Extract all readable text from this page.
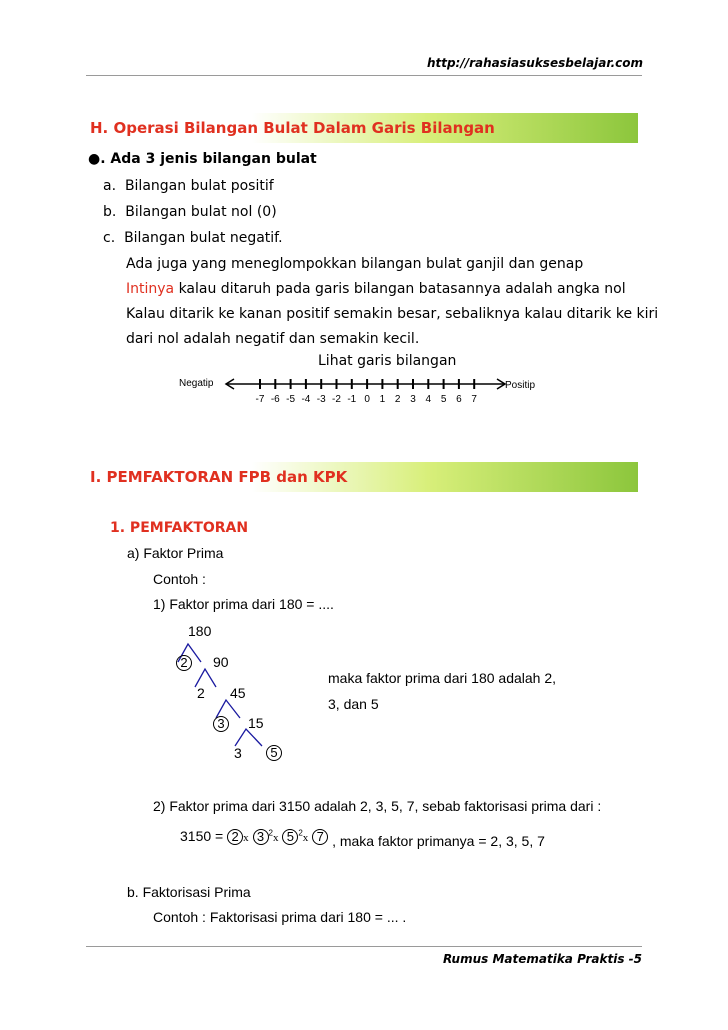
http://rahasiasuksesbelajar.com
H. Operasi Bilangan Bulat Dalam Garis Bilangan
●. Ada 3 jenis bilangan bulat
a. Bilangan bulat positif
b. Bilangan bulat nol (0)
c. Bilangan bulat negatif.
Ada juga yang meneglompokkan bilangan bulat ganjil dan genap
Intinya kalau ditaruh pada garis bilangan batasannya adalah angka nol
Kalau ditarik ke kanan positif semakin besar, sebaliknya kalau ditarik ke kiri
dari nol adalah negatif dan semakin kecil.
Lihat garis bilangan
Negatip	Positip
-7 -6 -5 -4 -3 -2 -1 0 1 2 3 4 5 6 7
I. PEMFAKTORAN FPB dan KPK
1. PEMFAKTORAN
a) Faktor Prima
Contoh :
1) Faktor prima dari 180 = ....
180
2	90
2 45
3	15
3	5
maka faktor prima dari 180 adalah 2,
3, dan 5
2) Faktor prima dari 3150 adalah 2, 3, 5, 7, sebab faktorisasi prima dari :
3150 = 2 x 3 $^2$x 5 $^2$x 7 , maka faktor primanya = 2, 3, 5, 7
b. Faktorisasi Prima
Contoh : Faktorisasi prima dari 180 = ... .
Rumus Matematika Praktis -5
